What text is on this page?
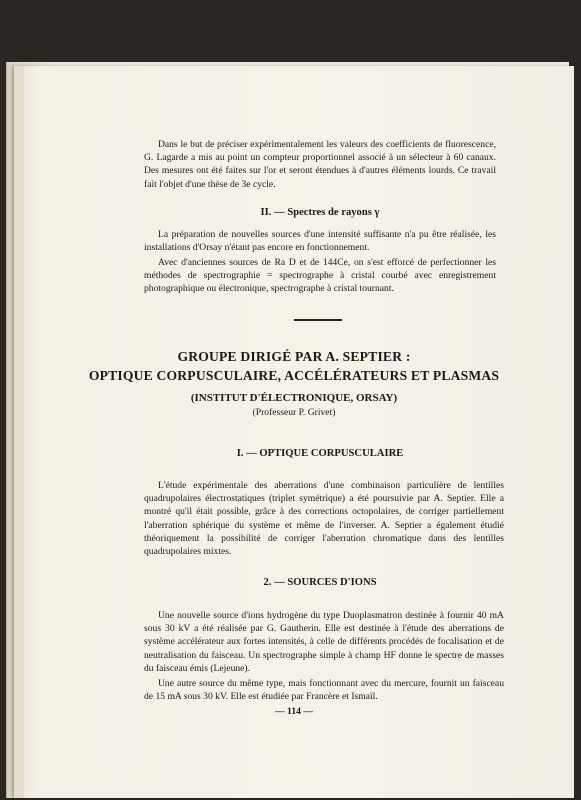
Dans le but de préciser expérimentalement les valeurs des coefficients de fluorescence, G. Lagarde a mis au point un compteur proportionnel associé à un sélecteur à 60 canaux. Des mesures ont été faites sur l'or et seront étendues à d'autres éléments lourds. Ce travail fait l'objet d'une thèse de 3e cycle.

II. — Spectres de rayons γ

La préparation de nouvelles sources d'une intensité suffisante n'a pu être réalisée, les installations d'Orsay n'étant pas encore en fonctionnement.

Avec d'anciennes sources de Ra D et de 144Ce, on s'est efforcé de perfectionner les méthodes de spectrographie = spectrographe à cristal courbé avec enregistrement photographique ou électronique, spectrographe à cristal tournant.

GROUPE DIRIGÉ PAR A. SEPTIER :

OPTIQUE CORPUSCULAIRE, ACCÉLÉRATEURS ET PLASMAS

(INSTITUT D'ÉLECTRONIQUE, ORSAY)

(Professeur P. Grivet)

I. — OPTIQUE CORPUSCULAIRE

L'étude expérimentale des aberrations d'une combinaison particulière de lentilles quadrupolaires électrostatiques (triplet symétrique) a été poursuivie par A. Septier. Elle a montré qu'il était possible, grâce à des corrections octopolaires, de corriger partiellement l'aberration sphérique du système et même de l'inverser. A. Septier a également étudié théoriquement la possibilité de corriger l'aberration chromatique dans des lentilles quadrupolaires mixtes.

2. — SOURCES D'IONS

Une nouvelle source d'ions hydrogène du type Duoplasmatron destinée à fournir 40 mA sous 30 kV a été réalisée par G. Gautherin. Elle est destinée à l'étude des aberrations de système accélérateur aux fortes intensités, à celle de différents procédés de focalisation et de neutralisation du faisceau. Un spectrographe simple à champ HF donne le spectre de masses du faisceau émis (Lejeune).

Une autre source du même type, mais fonctionnant avec du mercure, fournit un faisceau de 15 mA sous 30 kV. Elle est étudiée par Francère et Ismaïl.

— 114 —
